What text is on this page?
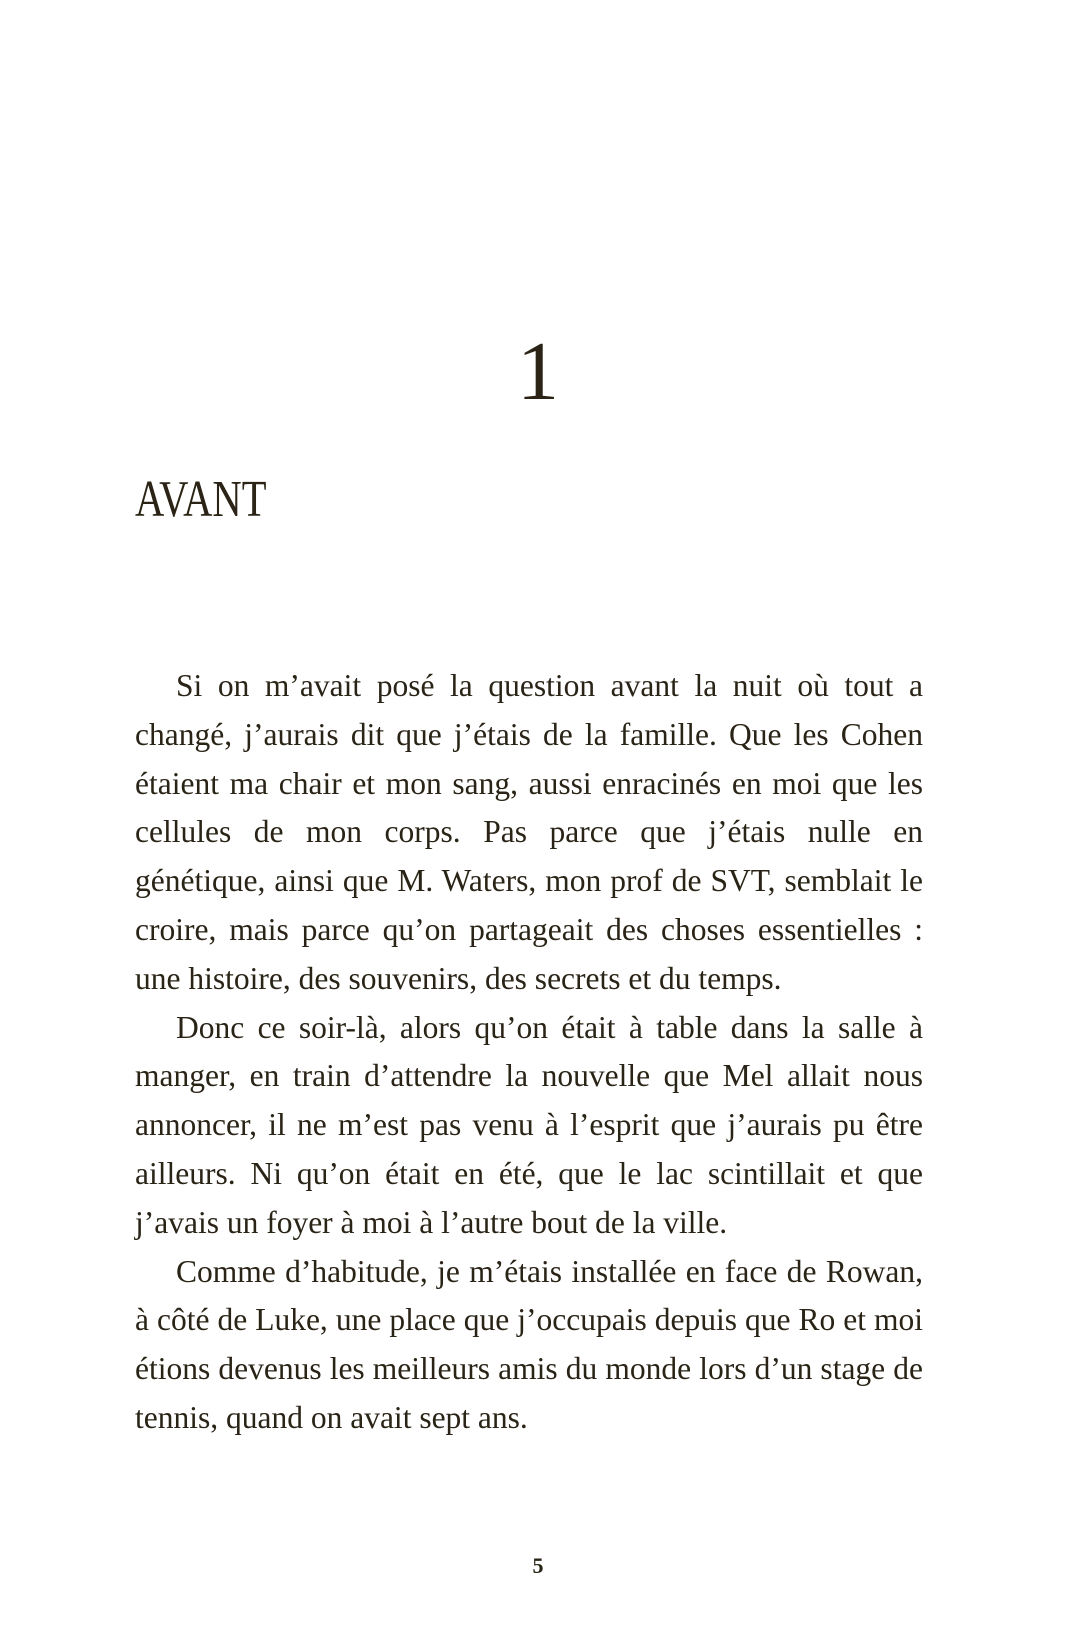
1
AVANT

Si on m’avait posé la question avant la nuit où tout a changé, j’aurais dit que j’étais de la famille. Que les Cohen étaient ma chair et mon sang, aussi enracinés en moi que les cellules de mon corps. Pas parce que j’étais nulle en génétique, ainsi que M. Waters, mon prof de SVT, semblait le croire, mais parce qu’on partageait des choses essentielles : une histoire, des souvenirs, des secrets et du temps.

Donc ce soir-là, alors qu’on était à table dans la salle à manger, en train d’attendre la nouvelle que Mel allait nous annoncer, il ne m’est pas venu à l’esprit que j’aurais pu être ailleurs. Ni qu’on était en été, que le lac scintillait et que j’avais un foyer à moi à l’autre bout de la ville.

Comme d’habitude, je m’étais installée en face de Rowan, à côté de Luke, une place que j’occupais depuis que Ro et moi étions devenus les meilleurs amis du monde lors d’un stage de tennis, quand on avait sept ans.

5
